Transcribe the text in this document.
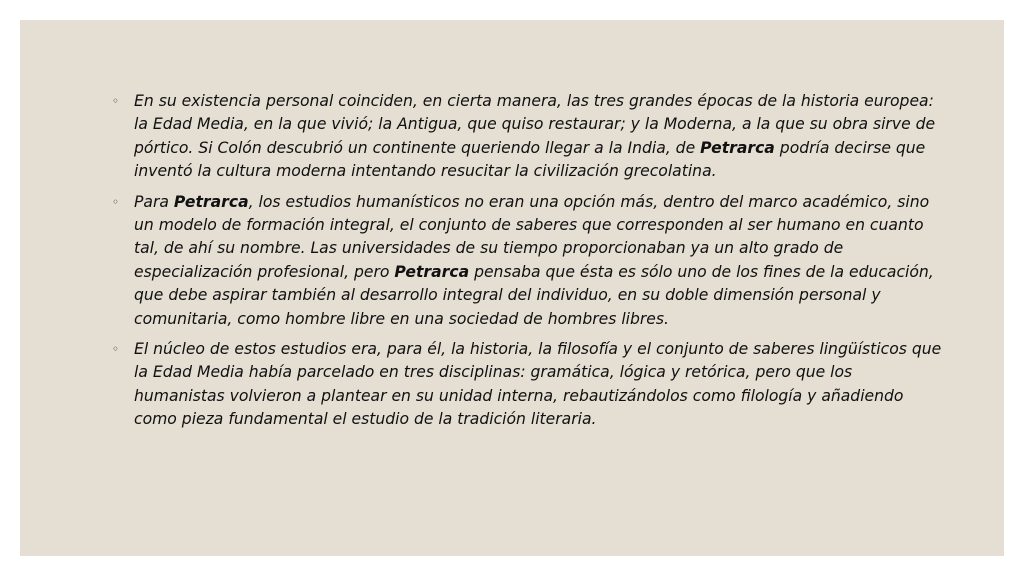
◦ En su existencia personal coinciden, en cierta manera, las tres grandes épocas de la historia europea: la Edad Media, en la que vivió; la Antigua, que quiso restaurar; y la Moderna, a la que su obra sirve de pórtico. Si Colón descubrió un continente queriendo llegar a la India, de Petrarca podría decirse que inventó la cultura moderna intentando resucitar la civilización grecolatina.

◦ Para Petrarca, los estudios humanísticos no eran una opción más, dentro del marco académico, sino un modelo de formación integral, el conjunto de saberes que corresponden al ser humano en cuanto tal, de ahí su nombre. Las universidades de su tiempo proporcionaban ya un alto grado de especialización profesional, pero Petrarca pensaba que ésta es sólo uno de los fines de la educación, que debe aspirar también al desarrollo integral del individuo, en su doble dimensión personal y comunitaria, como hombre libre en una sociedad de hombres libres.

◦ El núcleo de estos estudios era, para él, la historia, la filosofía y el conjunto de saberes lingüísticos que la Edad Media había parcelado en tres disciplinas: gramática, lógica y retórica, pero que los humanistas volvieron a plantear en su unidad interna, rebautizándolos como filología y añadiendo como pieza fundamental el estudio de la tradición literaria.
